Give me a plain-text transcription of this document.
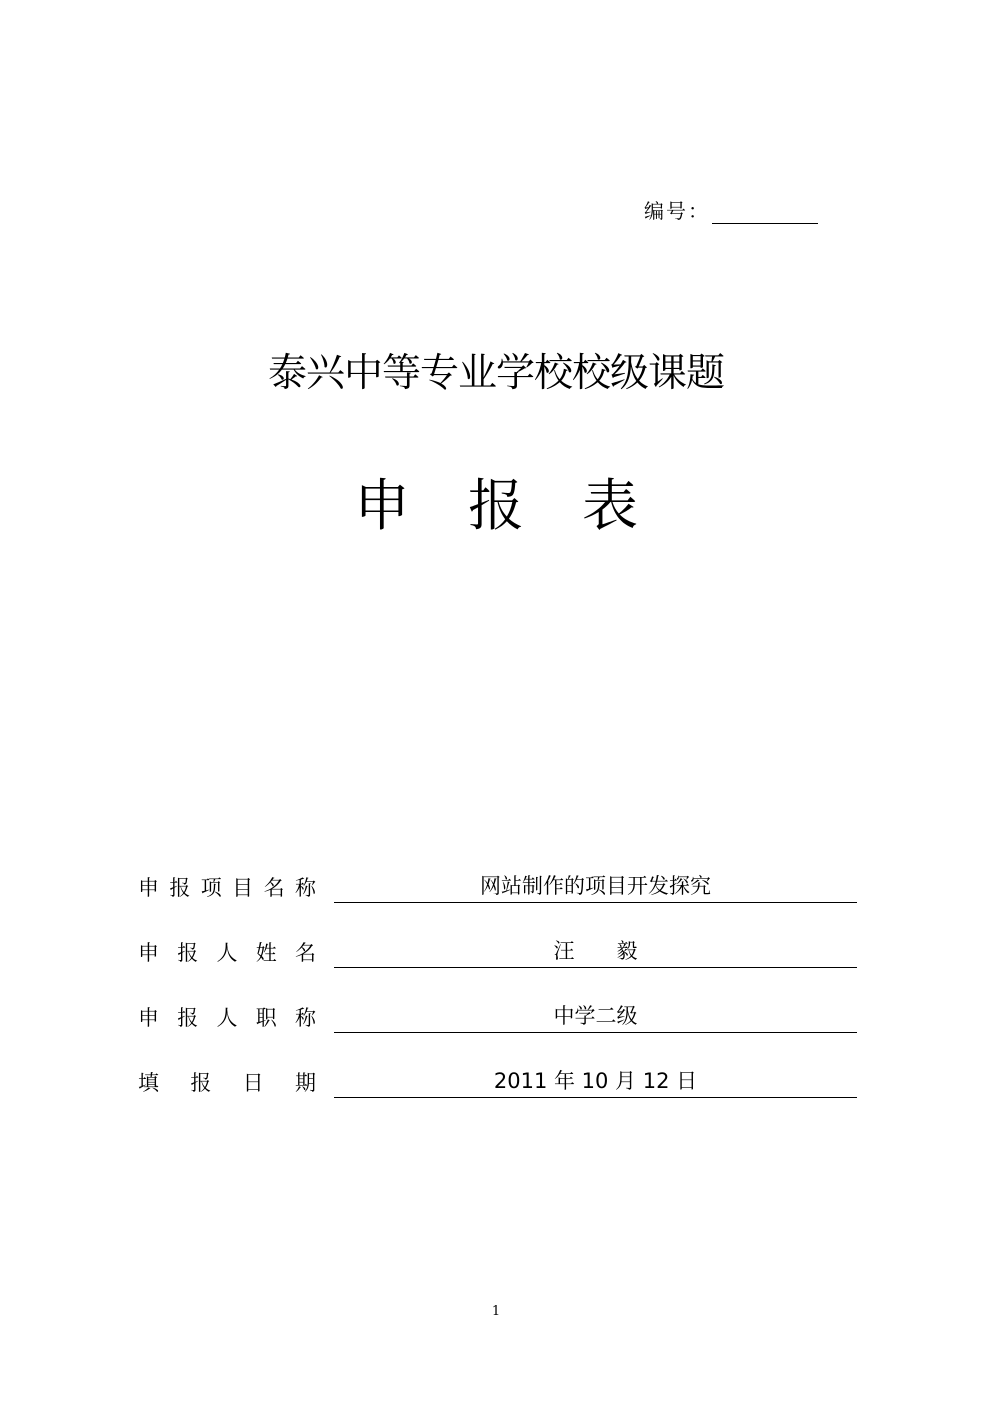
编号：
泰兴中等专业学校校级课题
申报表
申 报 项 目 名 称	网站制作的项目开发探究
申 报 人 姓 名	汪　　毅
申 报 人 职 称	中学二级
填 报 日 期	2011 年 10 月 12 日
1
